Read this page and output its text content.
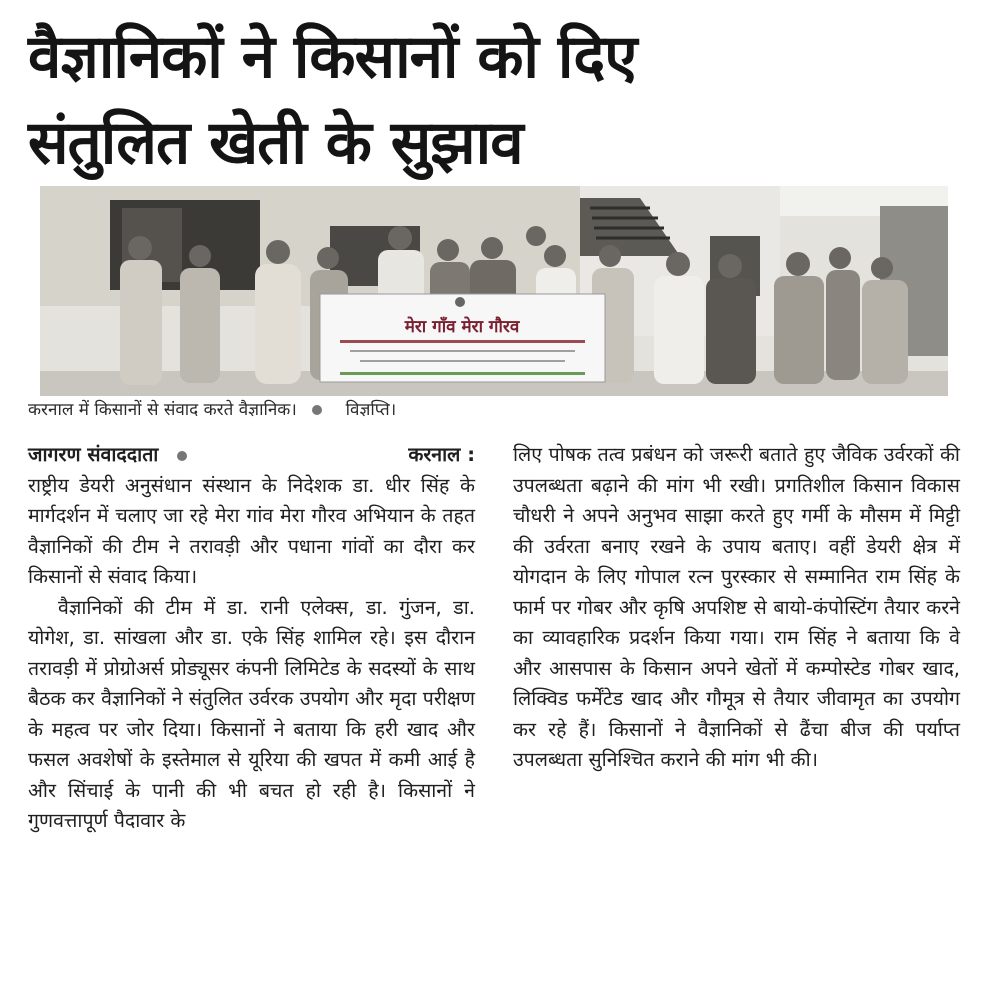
वैज्ञानिकों ने किसानों को दिए
संतुलित खेती के सुझाव
मेरा गाँव मेरा गौरव
करनाल में किसानों से संवाद करते वैज्ञानिक।	विज्ञप्ति।
जागरण संवाददाता	करनाल :

राष्ट्रीय डेयरी अनुसंधान संस्थान के निदेशक डा. धीर सिंह के मार्गदर्शन में चलाए जा रहे मेरा गांव मेरा गौरव अभियान के तहत वैज्ञानिकों की टीम ने तरावड़ी और पधाना गांवों का दौरा कर किसानों से संवाद किया।

वैज्ञानिकों की टीम में डा. रानी एलेक्स, डा. गुंजन, डा. योगेश, डा. सांखला और डा. एके सिंह शामिल रहे। इस दौरान तरावड़ी में प्रोग्रोअर्स प्रोड्यूसर कंपनी लिमिटेड के सदस्यों के साथ बैठक कर वैज्ञानिकों ने संतुलित उर्वरक उपयोग और मृदा परीक्षण के महत्व पर जोर दिया। किसानों ने बताया कि हरी खाद और फसल अवशेषों के इस्तेमाल से यूरिया की खपत में कमी आई है और सिंचाई के पानी की भी बचत हो रही है। किसानों ने गुणवत्तापूर्ण पैदावार के

लिए पोषक तत्व प्रबंधन को जरूरी बताते हुए जैविक उर्वरकों की उपलब्धता बढ़ाने की मांग भी रखी। प्रगतिशील किसान विकास चौधरी ने अपने अनुभव साझा करते हुए गर्मी के मौसम में मिट्टी की उर्वरता बनाए रखने के उपाय बताए। वहीं डेयरी क्षेत्र में योगदान के लिए गोपाल रत्न पुरस्कार से सम्मानित राम सिंह के फार्म पर गोबर और कृषि अपशिष्ट से बायो-कंपोस्टिंग तैयार करने का व्यावहारिक प्रदर्शन किया गया। राम सिंह ने बताया कि वे और आसपास के किसान अपने खेतों में कम्पोस्टेड गोबर खाद, लिक्विड फर्मेंटेड खाद और गौमूत्र से तैयार जीवामृत का उपयोग कर रहे हैं। किसानों ने वैज्ञानिकों से ढैंचा बीज की पर्याप्त उपलब्धता सुनिश्चित कराने की मांग भी की।
